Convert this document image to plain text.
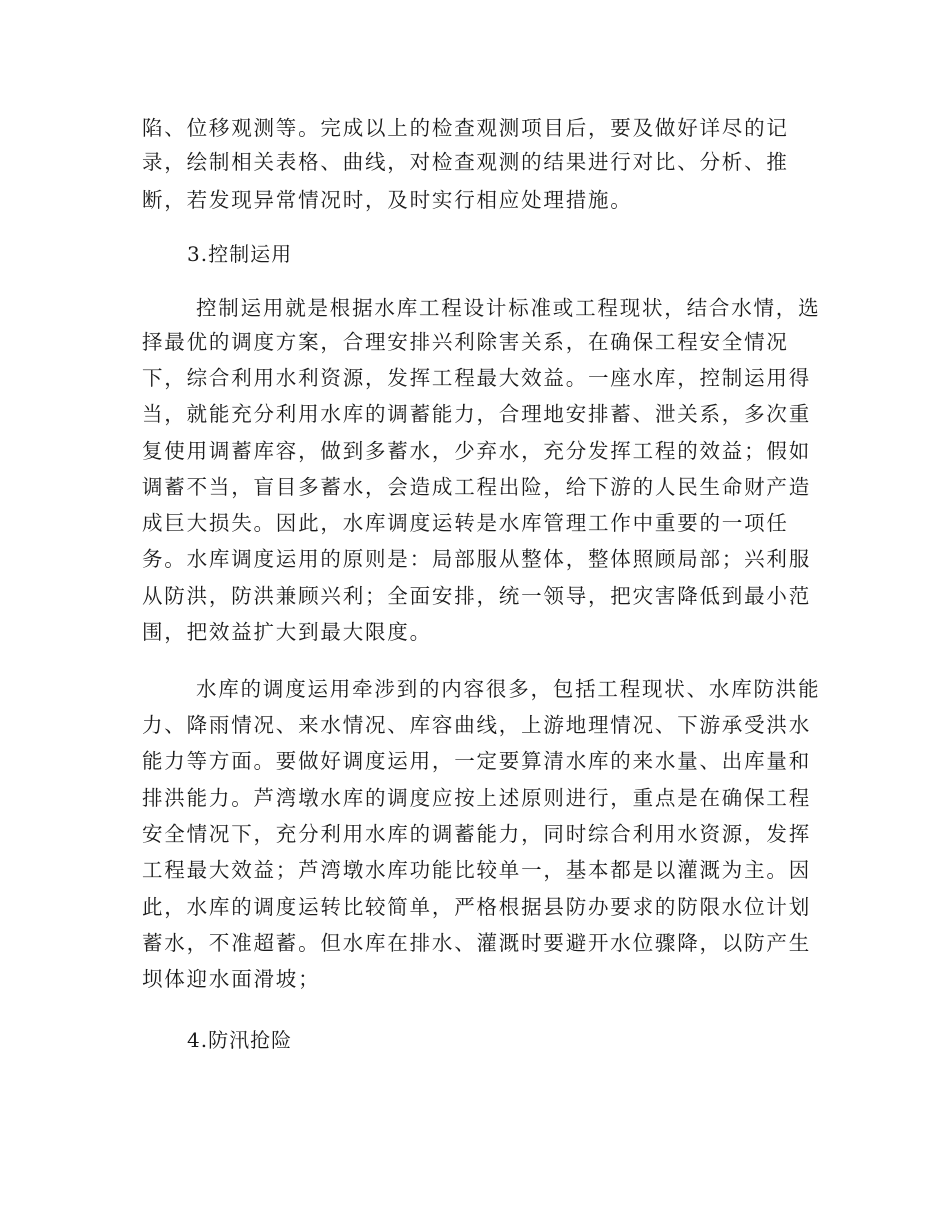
陷、位移观测等。完成以上的检查观测项目后，要及做好详尽的记
录，绘制相关表格、曲线，对检查观测的结果进行对比、分析、推
断，若发现异常情况时，及时实行相应处理措施。
3.控制运用
控制运用就是根据水库工程设计标准或工程现状，结合水情，选
择最优的调度方案，合理安排兴利除害关系，在确保工程安全情况
下，综合利用水利资源，发挥工程最大效益。一座水库，控制运用得
当，就能充分利用水库的调蓄能力，合理地安排蓄、泄关系，多次重
复使用调蓄库容，做到多蓄水，少弃水，充分发挥工程的效益；假如
调蓄不当，盲目多蓄水，会造成工程出险，给下游的人民生命财产造
成巨大损失。因此，水库调度运转是水库管理工作中重要的一项任
务。水库调度运用的原则是：局部服从整体，整体照顾局部；兴利服
从防洪，防洪兼顾兴利；全面安排，统一领导，把灾害降低到最小范
围，把效益扩大到最大限度。
水库的调度运用牵涉到的内容很多，包括工程现状、水库防洪能
力、降雨情况、来水情况、库容曲线，上游地理情况、下游承受洪水
能力等方面。要做好调度运用，一定要算清水库的来水量、出库量和
排洪能力。芦湾墩水库的调度应按上述原则进行，重点是在确保工程
安全情况下，充分利用水库的调蓄能力，同时综合利用水资源，发挥
工程最大效益；芦湾墩水库功能比较单一，基本都是以灌溉为主。因
此，水库的调度运转比较简单，严格根据县防办要求的防限水位计划
蓄水，不准超蓄。但水库在排水、灌溉时要避开水位骤降，以防产生
坝体迎水面滑坡；
4.防汛抢险
